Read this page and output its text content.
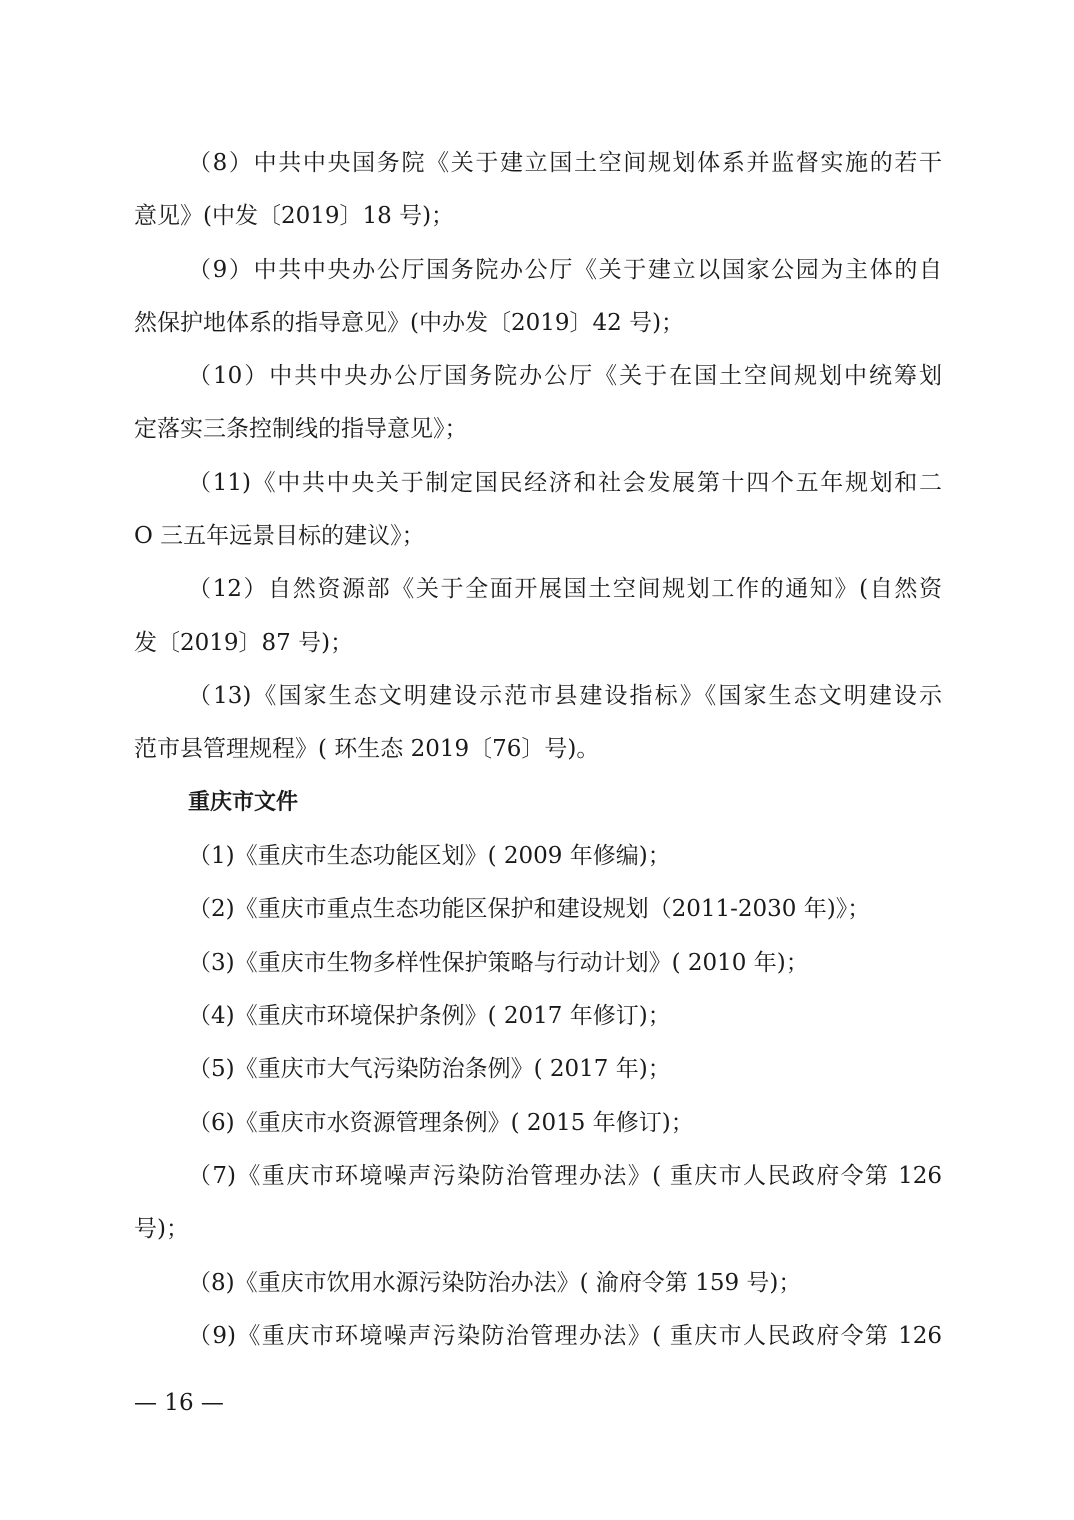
（8）中共中央国务院《关于建立国土空间规划体系并监督实施的若干
意见》(中发〔2019〕18 号)；
（9）中共中央办公厅国务院办公厅《关于建立以国家公园为主体的自
然保护地体系的指导意见》(中办发〔2019〕42 号)；
（10）中共中央办公厅国务院办公厅《关于在国土空间规划中统筹划
定落实三条控制线的指导意见》；
（11)《中共中央关于制定国民经济和社会发展第十四个五年规划和二
O 三五年远景目标的建议》；
（12）自然资源部《关于全面开展国土空间规划工作的通知》(自然资
发〔2019〕87 号)；
（13)《国家生态文明建设示范市县建设指标》《国家生态文明建设示
范市县管理规程》( 环生态 2019〔76〕号)。
重庆市文件
（1)《重庆市生态功能区划》( 2009 年修编)；
（2)《重庆市重点生态功能区保护和建设规划（2011-2030 年)》；
（3)《重庆市生物多样性保护策略与行动计划》( 2010 年)；
（4)《重庆市环境保护条例》( 2017 年修订)；
（5)《重庆市大气污染防治条例》( 2017 年)；
（6)《重庆市水资源管理条例》( 2015 年修订)；
（7)《重庆市环境噪声污染防治管理办法》( 重庆市人民政府令第 126
号)；
（8)《重庆市饮用水源污染防治办法》( 渝府令第 159 号)；
（9)《重庆市环境噪声污染防治管理办法》( 重庆市人民政府令第 126
— 16 —
